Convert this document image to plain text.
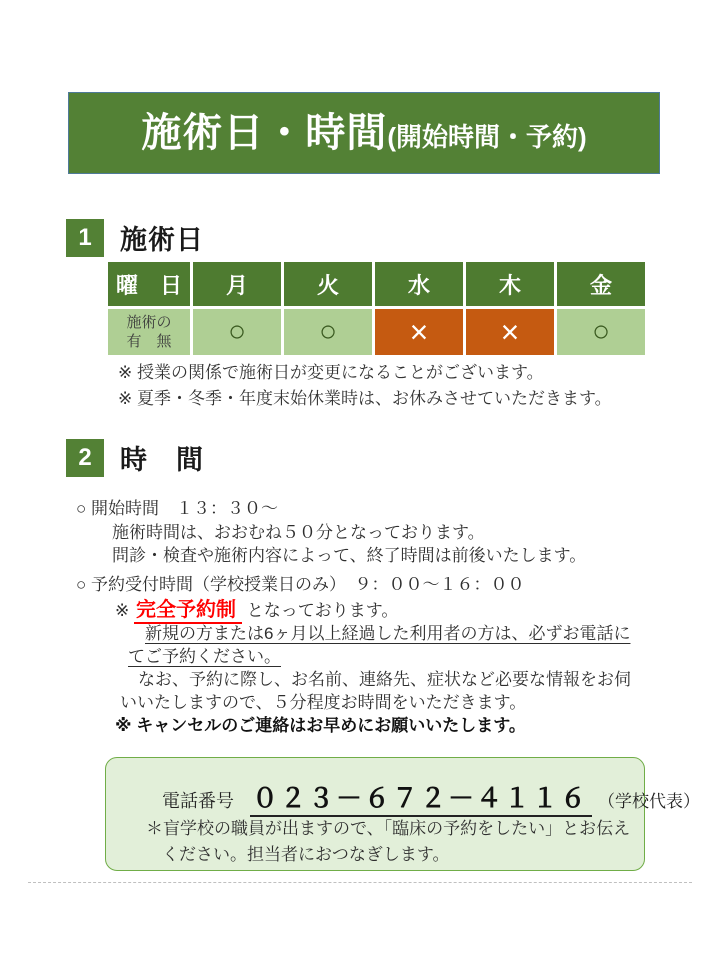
施術日・時間 (開始時間・予約)
1	施術日
曜　日	月	火	水	木	金
施術の
有　無	○	○	×	×	○
※ 授業の関係で施術日が変更になることがございます。
※ 夏季・冬季・年度末始休業時は、お休みさせていただきます。
2	時　間
○ 開始時間　１３：３０～
施術時間は、おおむね５０分となっております。
問診・検査や施術内容によって、終了時間は前後いたします。
○ 予約受付時間（学校授業日のみ）　９：００～１６：００
※ 完全予約制 となっております。
新規の方または6ヶ月以上経過した利用者の方は、必ずお電話に
てご予約ください。
なお、予約に際し、お名前、連絡先、症状など必要な情報をお伺
いいたしますので、５分程度お時間をいただきます。
※ キャンセルのご連絡はお早めにお願いいたします。
電話番号 ０２３－６７２－４１１６ （学校代表）
＊盲学校の職員が出ますので、「臨床の予約をしたい」とお伝え
ください。担当者におつなぎします。
